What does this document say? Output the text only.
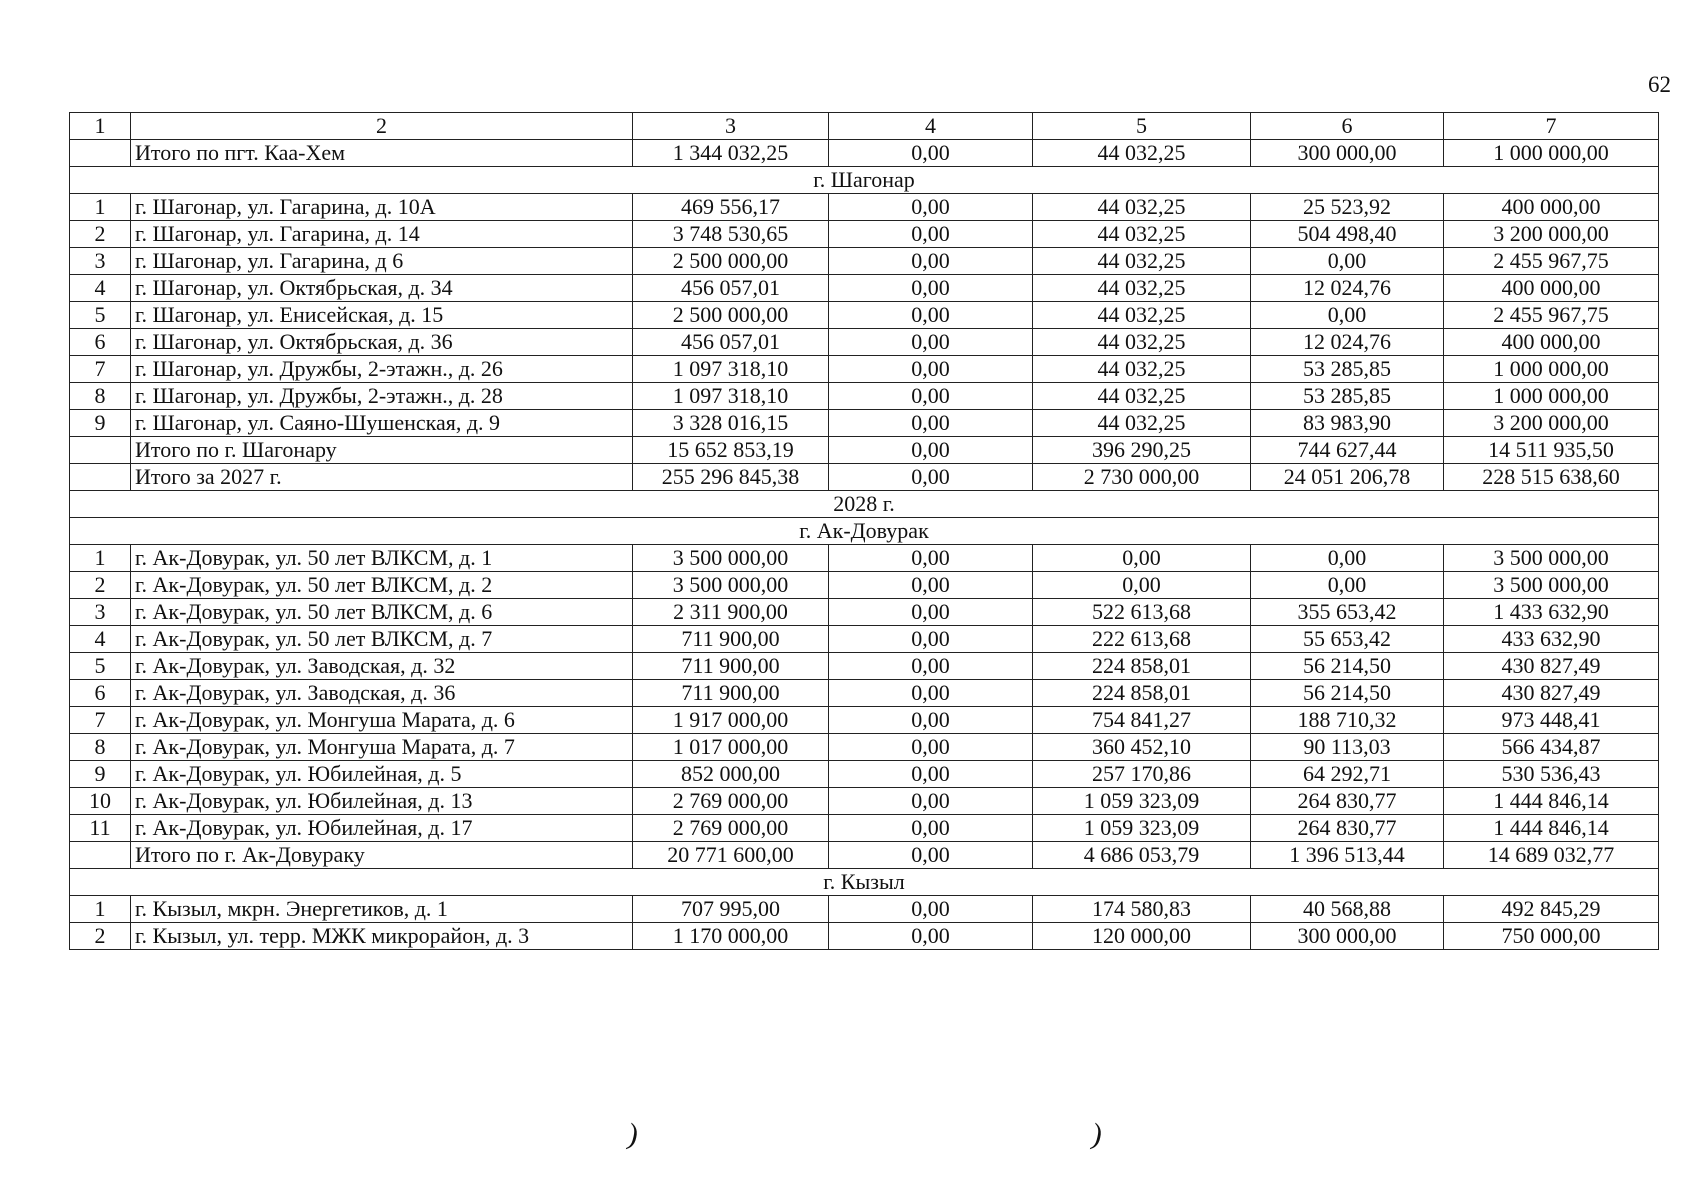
62
1	2	3	4	5	6	7
	Итого по пгт. Каа-Хем	1 344 032,25	0,00	44 032,25	300 000,00	1 000 000,00
г. Шагонар						
1	г. Шагонар, ул. Гагарина, д. 10А	469 556,17	0,00	44 032,25	25 523,92	400 000,00
2	г. Шагонар, ул. Гагарина, д. 14	3 748 530,65	0,00	44 032,25	504 498,40	3 200 000,00
3	г. Шагонар, ул. Гагарина, д 6	2 500 000,00	0,00	44 032,25	0,00	2 455 967,75
4	г. Шагонар, ул. Октябрьская, д. 34	456 057,01	0,00	44 032,25	12 024,76	400 000,00
5	г. Шагонар, ул. Енисейская, д. 15	2 500 000,00	0,00	44 032,25	0,00	2 455 967,75
6	г. Шагонар, ул. Октябрьская, д. 36	456 057,01	0,00	44 032,25	12 024,76	400 000,00
7	г. Шагонар, ул. Дружбы, 2-этажн., д. 26	1 097 318,10	0,00	44 032,25	53 285,85	1 000 000,00
8	г. Шагонар, ул. Дружбы, 2-этажн., д. 28	1 097 318,10	0,00	44 032,25	53 285,85	1 000 000,00
9	г. Шагонар, ул. Саяно-Шушенская, д. 9	3 328 016,15	0,00	44 032,25	83 983,90	3 200 000,00
	Итого по г. Шагонару	15 652 853,19	0,00	396 290,25	744 627,44	14 511 935,50
	Итого за 2027 г.	255 296 845,38	0,00	2 730 000,00	24 051 206,78	228 515 638,60
2028 г.						
г. Ак-Довурак						
1	г. Ак-Довурак, ул. 50 лет ВЛКСМ, д. 1	3 500 000,00	0,00	0,00	0,00	3 500 000,00
2	г. Ак-Довурак, ул. 50 лет ВЛКСМ, д. 2	3 500 000,00	0,00	0,00	0,00	3 500 000,00
3	г. Ак-Довурак, ул. 50 лет ВЛКСМ, д. 6	2 311 900,00	0,00	522 613,68	355 653,42	1 433 632,90
4	г. Ак-Довурак, ул. 50 лет ВЛКСМ, д. 7	711 900,00	0,00	222 613,68	55 653,42	433 632,90
5	г. Ак-Довурак, ул. Заводская, д. 32	711 900,00	0,00	224 858,01	56 214,50	430 827,49
6	г. Ак-Довурак, ул. Заводская, д. 36	711 900,00	0,00	224 858,01	56 214,50	430 827,49
7	г. Ак-Довурак, ул. Монгуша Марата, д. 6	1 917 000,00	0,00	754 841,27	188 710,32	973 448,41
8	г. Ак-Довурак, ул. Монгуша Марата, д. 7	1 017 000,00	0,00	360 452,10	90 113,03	566 434,87
9	г. Ак-Довурак, ул. Юбилейная, д. 5	852 000,00	0,00	257 170,86	64 292,71	530 536,43
10	г. Ак-Довурак, ул. Юбилейная, д. 13	2 769 000,00	0,00	1 059 323,09	264 830,77	1 444 846,14
11	г. Ак-Довурак, ул. Юбилейная, д. 17	2 769 000,00	0,00	1 059 323,09	264 830,77	1 444 846,14
	Итого по г. Ак-Довураку	20 771 600,00	0,00	4 686 053,79	1 396 513,44	14 689 032,77
г. Кызыл						
1	г. Кызыл, мкрн. Энергетиков, д. 1	707 995,00	0,00	174 580,83	40 568,88	492 845,29
2	г. Кызыл, ул. терр. МЖК микрорайон, д. 3	1 170 000,00	0,00	120 000,00	300 000,00	750 000,00
)	)
